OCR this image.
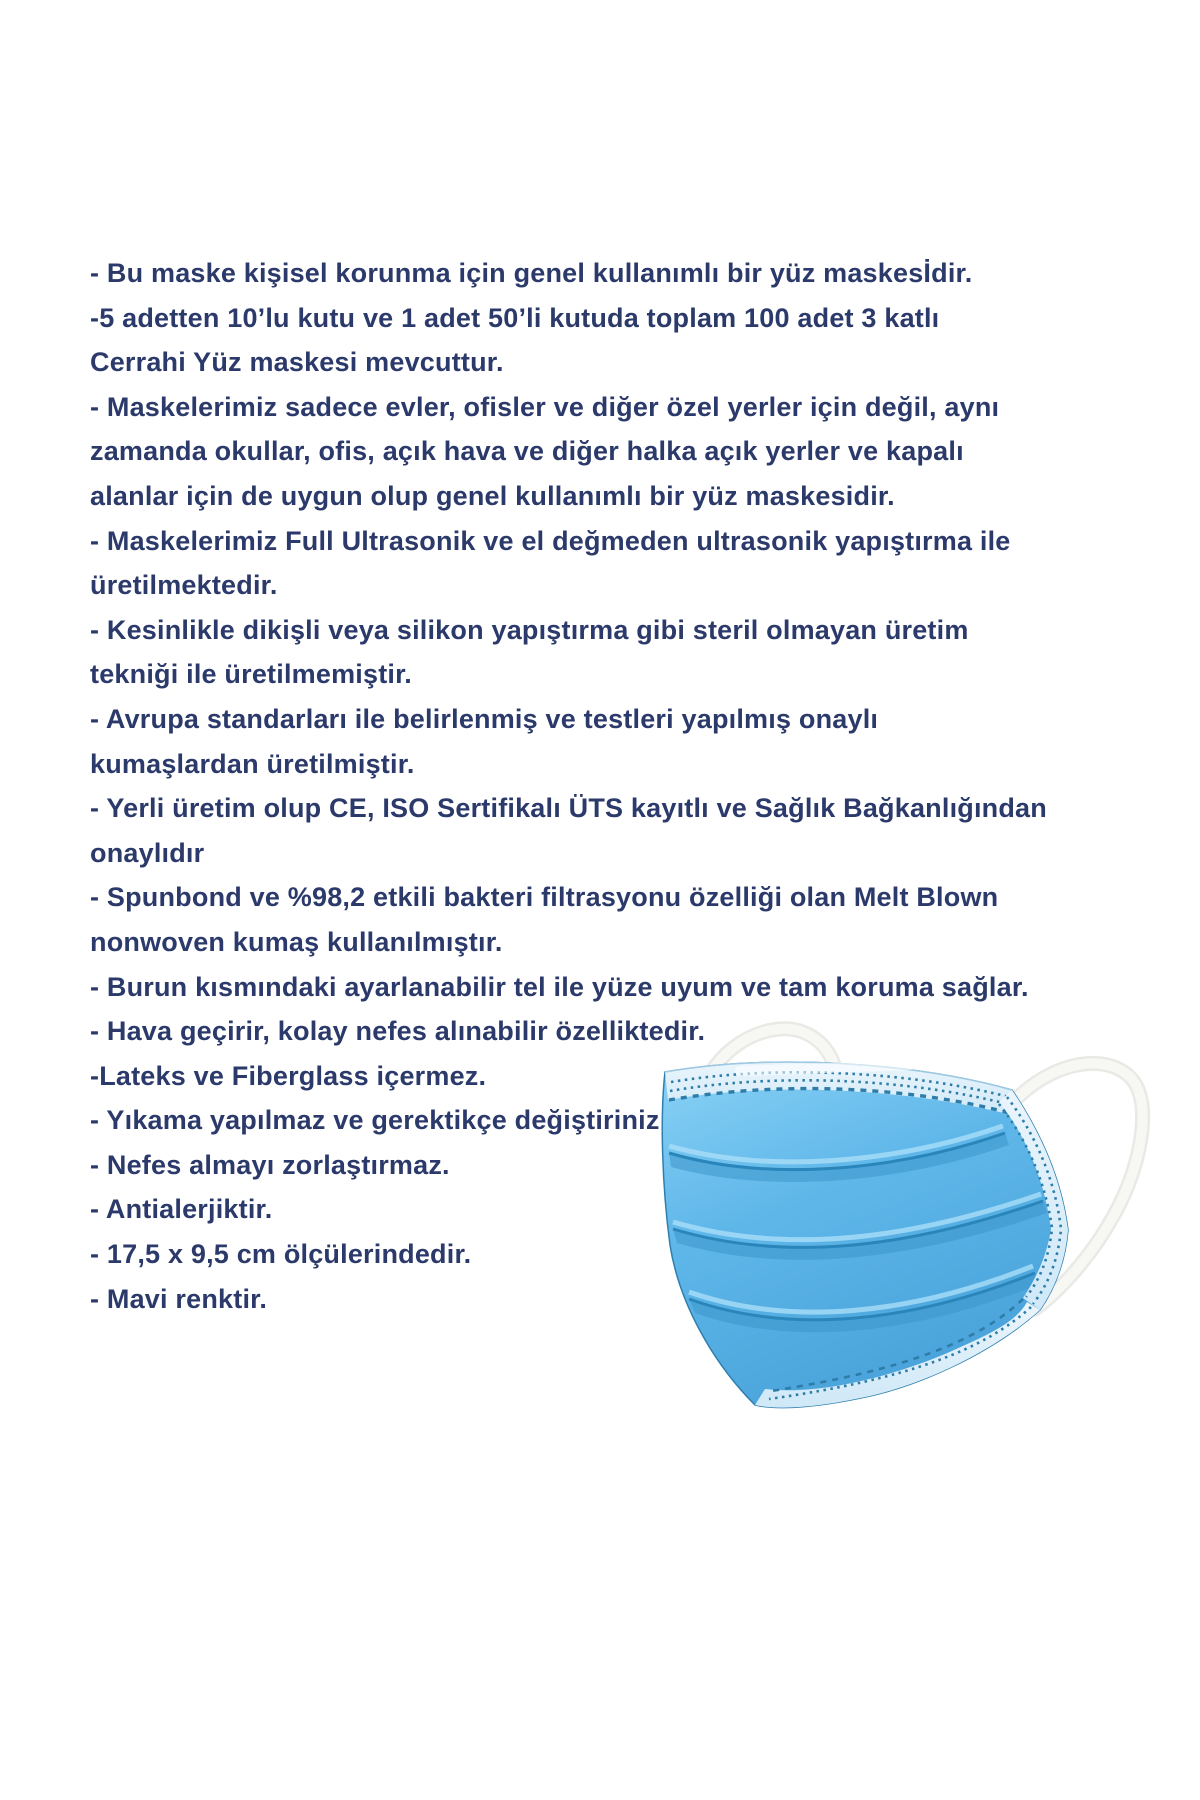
- Bu maske kişisel korunma için genel kullanımlı bir yüz maskesİdir.

-5 adetten 10’lu kutu ve 1 adet 50’li kutuda toplam 100 adet 3 katlı

Cerrahi Yüz maskesi mevcuttur.

- Maskelerimiz sadece evler, ofisler ve diğer özel yerler için değil, aynı

zamanda okullar, ofis, açık hava ve diğer halka açık yerler ve kapalı

alanlar için de uygun olup genel kullanımlı bir yüz maskesidir.

- Maskelerimiz Full Ultrasonik ve el değmeden ultrasonik yapıştırma ile

üretilmektedir.

- Kesinlikle dikişli veya silikon yapıştırma gibi steril olmayan üretim

tekniği ile üretilmemiştir.

- Avrupa standarları ile belirlenmiş ve testleri yapılmış onaylı

kumaşlardan üretilmiştir.

- Yerli üretim olup CE, ISO Sertifikalı ÜTS kayıtlı ve Sağlık Bağkanlığından

onaylıdır

- Spunbond ve %98,2 etkili bakteri filtrasyonu özelliği olan Melt Blown

nonwoven kumaş kullanılmıştır.

- Burun kısmındaki ayarlanabilir tel ile yüze uyum ve tam koruma sağlar.

- Hava geçirir, kolay nefes alınabilir özelliktedir.

-Lateks ve Fiberglass içermez.

- Yıkama yapılmaz ve gerektikçe değiştiriniz

- Nefes almayı zorlaştırmaz.

- Antialerjiktir.

- 17,5 x 9,5 cm ölçülerindedir.

- Mavi renktir.
